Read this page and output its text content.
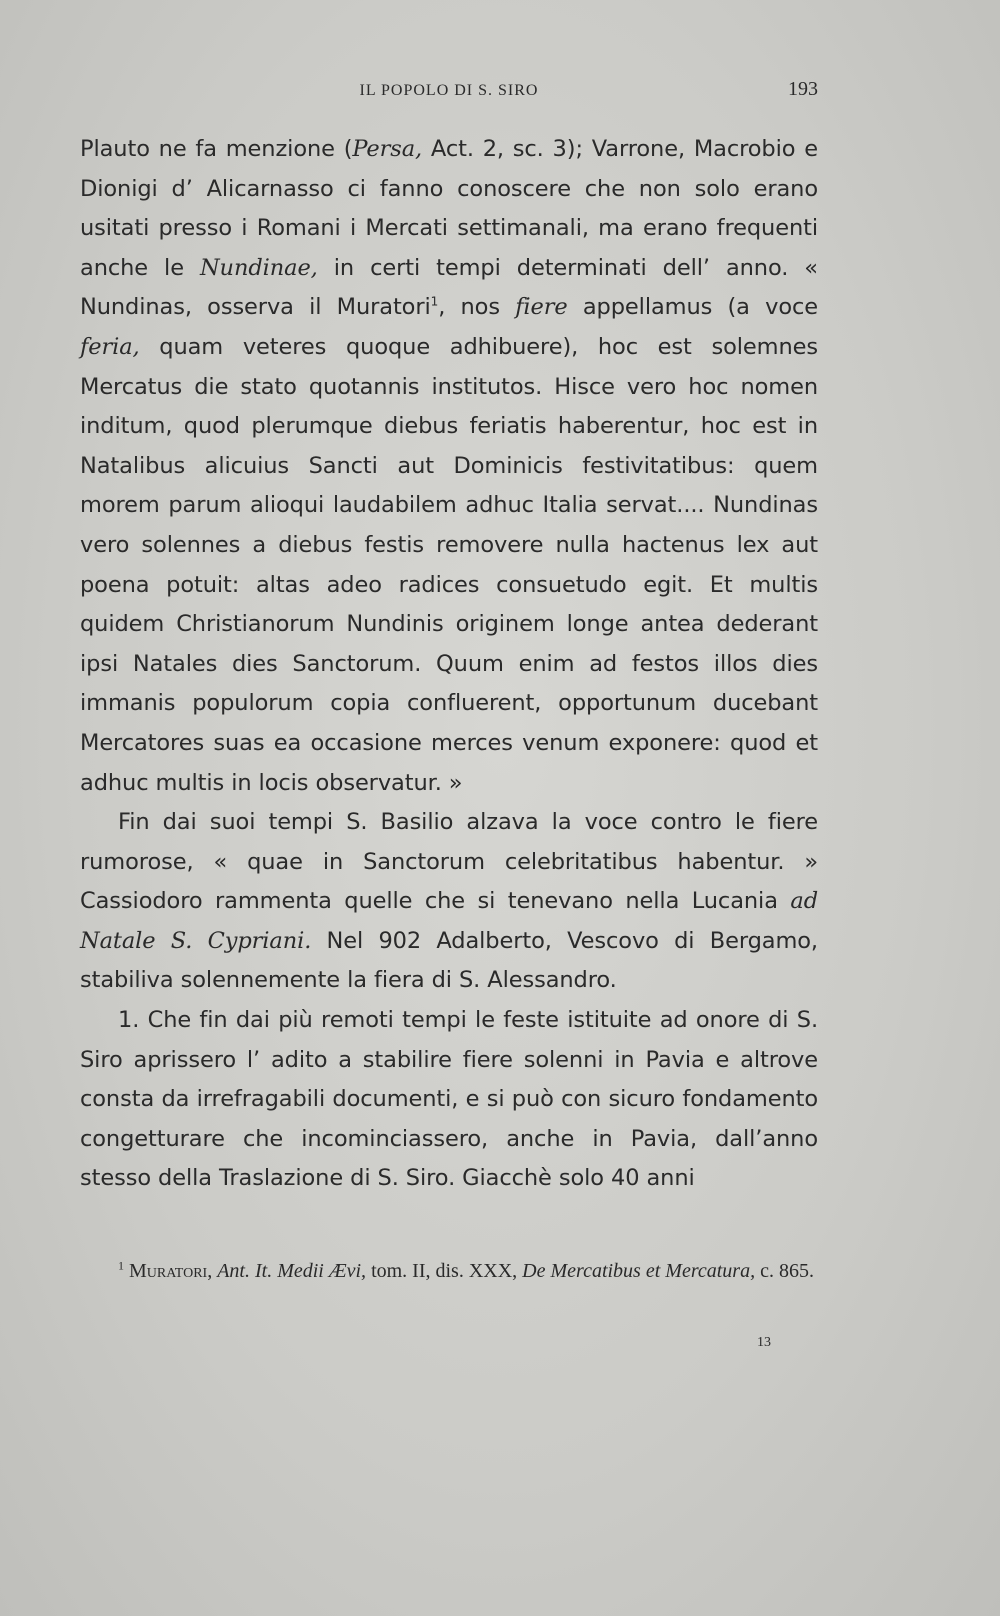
IL POPOLO DI S. SIRO	193

Plauto ne fa menzione (Persa, Act. 2, sc. 3); Varrone, Macrobio e Dionigi d’ Alicarnasso ci fanno conoscere che non solo erano usitati presso i Romani i Mercati settimanali, ma erano frequenti anche le Nundinae, in certi tempi determinati dell’ anno. « Nundinas, osserva il Muratori$^1$, nos fiere appellamus (a voce feria, quam veteres quoque adhibuere), hoc est solemnes Mercatus die stato quotannis institutos. Hisce vero hoc nomen inditum, quod plerumque diebus feriatis haberentur, hoc est in Natalibus alicuius Sancti aut Dominicis festivitatibus: quem morem parum alioqui laudabilem adhuc Italia servat.... Nundinas vero solennes a diebus festis removere nulla hactenus lex aut poena potuit: altas adeo radices consuetudo egit. Et multis quidem Christianorum Nundinis originem longe antea dederant ipsi Natales dies Sanctorum. Quum enim ad festos illos dies immanis populorum copia confluerent, opportunum ducebant Mercatores suas ea occasione merces venum exponere: quod et adhuc multis in locis observatur. »

Fin dai suoi tempi S. Basilio alzava la voce contro le fiere rumorose, « quae in Sanctorum celebritatibus habentur. » Cassiodoro rammenta quelle che si tenevano nella Lucania ad Natale S. Cypriani. Nel 902 Adalberto, Vescovo di Bergamo, stabiliva solennemente la fiera di S. Alessandro.

1. Che fin dai più remoti tempi le feste istituite ad onore di S. Siro aprissero l’ adito a stabilire fiere solenni in Pavia e altrove consta da irrefragabili documenti, e si può con sicuro fondamento congetturare che incominciassero, anche in Pavia, dall’anno stesso della Traslazione di S. Siro. Giacchè solo 40 anni

$^1$ Muratori, Ant. It. Medii Ævi, tom. II, dis. XXX, De Mercatibus et Mercatura, c. 865.
13
